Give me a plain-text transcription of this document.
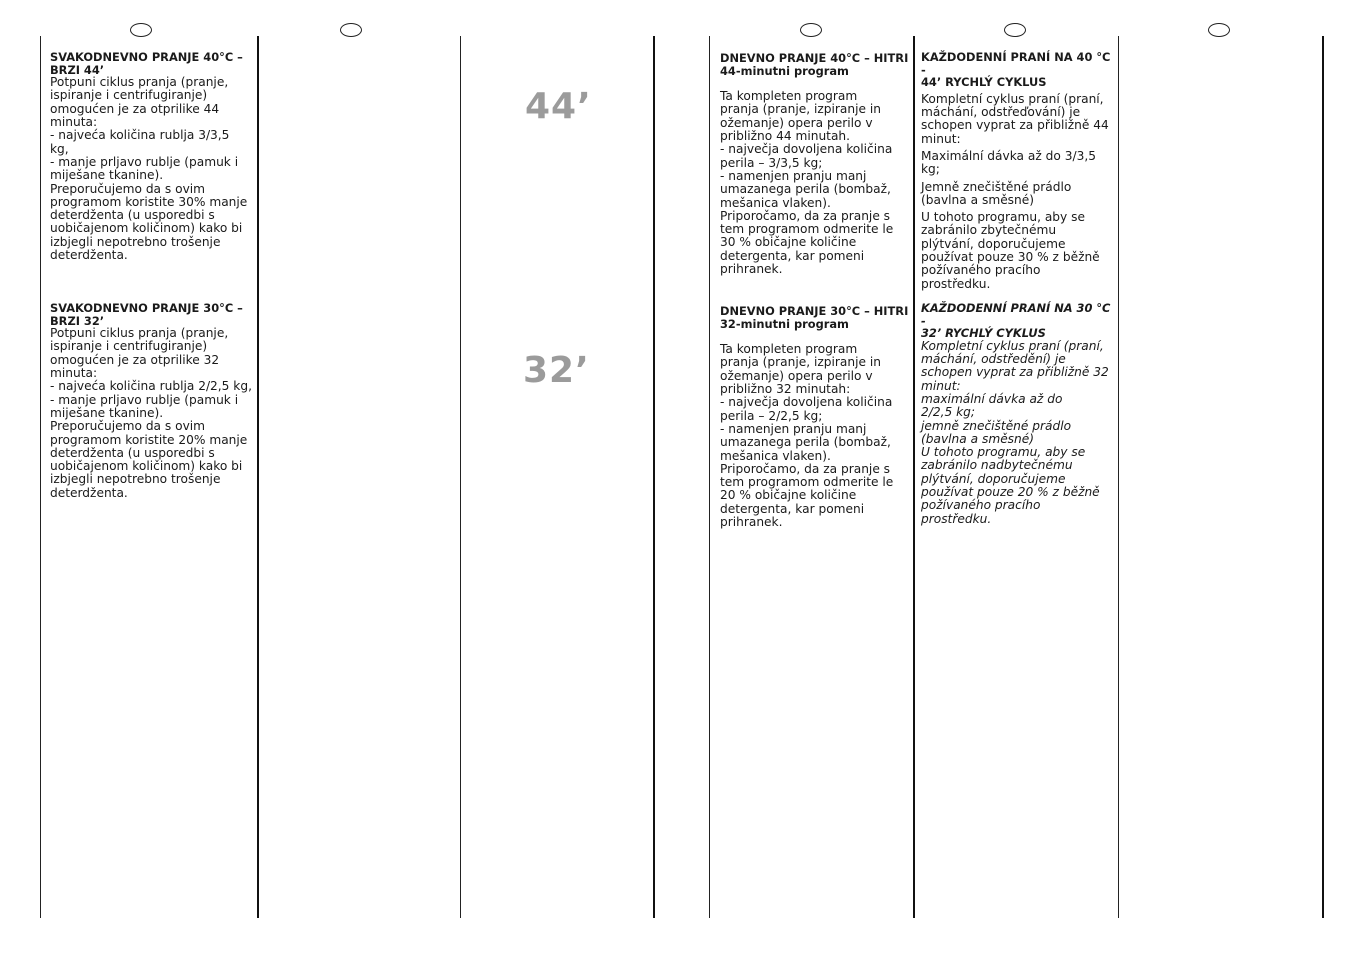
SVAKODNEVNO PRANJE 40°C –
BRZI 44’

Potpuni ciklus pranja (pranje,
ispiranje i centrifugiranje)
omogućen je za otprilike 44
minuta:
- najveća količina rublja 3/3,5
kg,
- manje prljavo rublje (pamuk i
miješane tkanine).
Preporučujemo da s ovim
programom koristite 30% manje
deterdženta (u usporedbi s
uobičajenom količinom) kako bi
izbjegli nepotrebno trošenje
deterdženta.

SVAKODNEVNO PRANJE 30°C –
BRZI 32’

Potpuni ciklus pranja (pranje,
ispiranje i centrifugiranje)
omogućen je za otprilike 32
minuta:
- najveća količina rublja 2/2,5 kg,
- manje prljavo rublje (pamuk i
miješane tkanine).
Preporučujemo da s ovim
programom koristite 20% manje
deterdženta (u usporedbi s
uobičajenom količinom) kako bi
izbjegli nepotrebno trošenje
deterdženta.

44’
32’

DNEVNO PRANJE 40°C – HITRI
44-minutni program

Ta kompleten program
pranja (pranje, izpiranje in
ožemanje) opera perilo v
približno 44 minutah.
- največja dovoljena količina
perila – 3/3,5 kg;
- namenjen pranju manj
umazanega perila (bombaž,
mešanica vlaken).
Priporočamo, da za pranje s
tem programom odmerite le
30 % običajne količine
detergenta, kar pomeni
prihranek.

DNEVNO PRANJE 30°C – HITRI
32-minutni program

Ta kompleten program
pranja (pranje, izpiranje in
ožemanje) opera perilo v
približno 32 minutah:
- največja dovoljena količina
perila – 2/2,5 kg;
- namenjen pranju manj
umazanega perila (bombaž,
mešanica vlaken).
Priporočamo, da za pranje s
tem programom odmerite le
20 % običajne količine
detergenta, kar pomeni
prihranek.

KAŽDODENNÍ PRANÍ NA 40 °C -
44’ RYCHLÝ CYKLUS

Kompletní cyklus praní (praní,
máchání, odstřeďování) je
schopen vyprat za přibližně 44
minut:

Maximální dávka až do 3/3,5
kg;

Jemně znečištěné prádlo
(bavlna a směsné)

U tohoto programu, aby se
zabránilo zbytečnému
plýtvání, doporučujeme
používat pouze 30 % z běžně
požívaného pracího
prostředku.

KAŽDODENNÍ PRANÍ NA 30 °C -
32’ RYCHLÝ CYKLUS

Kompletní cyklus praní (praní,
máchání, odstředění) je
schopen vyprat za přibližně 32
minut:
maximální dávka až do
2/2,5 kg;
jemně znečištěné prádlo
(bavlna a směsné)
U tohoto programu, aby se
zabránilo nadbytečnému
plýtvání, doporučujeme
používat pouze 20 % z běžně
požívaného pracího
prostředku.
